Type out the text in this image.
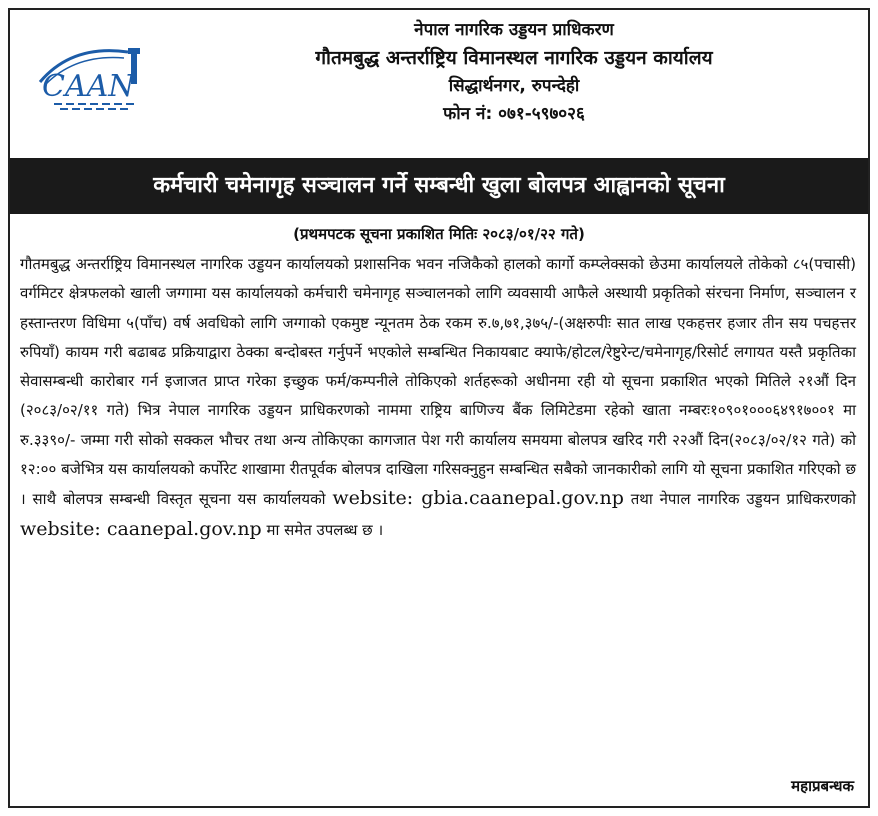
CAAN
नेपाल नागरिक उड्डयन प्राधिकरण
गौतमबुद्ध अन्तर्राष्ट्रिय विमानस्थल नागरिक उड्डयन कार्यालय
सिद्धार्थनगर, रुपन्देही
फोन नं: ०७१-५९७०२६
कर्मचारी चमेनागृह सञ्चालन गर्ने सम्बन्धी खुला बोलपत्र आह्वानको सूचना
(प्रथमपटक सूचना प्रकाशित मितिः २०८३/०१/२२ गते)
गौतमबुद्ध अन्तर्राष्ट्रिय विमानस्थल नागरिक उड्डयन कार्यालयको प्रशासनिक भवन नजिकैको हालको कार्गो कम्प्लेक्सको छेउमा कार्यालयले तोकेको ८५(पचासी) वर्गमिटर क्षेत्रफलको खाली जग्गामा यस कार्यालयको कर्मचारी चमेनागृह सञ्चालनको लागि व्यवसायी आफैले अस्थायी प्रकृतिको संरचना निर्माण, सञ्चालन र हस्तान्तरण विधिमा ५(पाँच) वर्ष अवधिको लागि जग्गाको एकमुष्ट न्यूनतम ठेक रकम रु.७,७१,३७५/-(अक्षरुपीः सात लाख एकहत्तर हजार तीन सय पचहत्तर रुपियाँ) कायम गरी बढाबढ प्रक्रियाद्वारा ठेक्का बन्दोबस्त गर्नुपर्ने भएकोले सम्बन्धित निकायबाट क्याफे/होटल/रेष्टुरेन्ट/चमेनागृह/रिसोर्ट लगायत यस्तै प्रकृतिका सेवासम्बन्धी कारोबार गर्न इजाजत प्राप्त गरेका इच्छुक फर्म/कम्पनीले तोकिएको शर्तहरूको अधीनमा रही यो सूचना प्रकाशित भएको मितिले २१औं दिन (२०८३/०२/११ गते) भित्र नेपाल नागरिक उड्डयन प्राधिकरणको नाममा राष्ट्रिय बाणिज्य बैंक लिमिटेडमा रहेको खाता नम्बरः१०९०१०००६४९१७००१ मा रु.३३९०/- जम्मा गरी सोको सक्कल भौचर तथा अन्य तोकिएका कागजात पेश गरी कार्यालय समयमा बोलपत्र खरिद गरी २२औं दिन(२०८३/०२/१२ गते) को १२:०० बजेभित्र यस कार्यालयको कर्पोरेट शाखामा रीतपूर्वक बोलपत्र दाखिला गरिसक्नुहुन सम्बन्धित सबैको जानकारीको लागि यो सूचना प्रकाशित गरिएको छ । साथै बोलपत्र सम्बन्धी विस्तृत सूचना यस कार्यालयको website: gbia.caanepal.gov.np तथा नेपाल नागरिक उड्डयन प्राधिकरणको website: caanepal.gov.np मा समेत उपलब्ध छ ।
महाप्रबन्धक
